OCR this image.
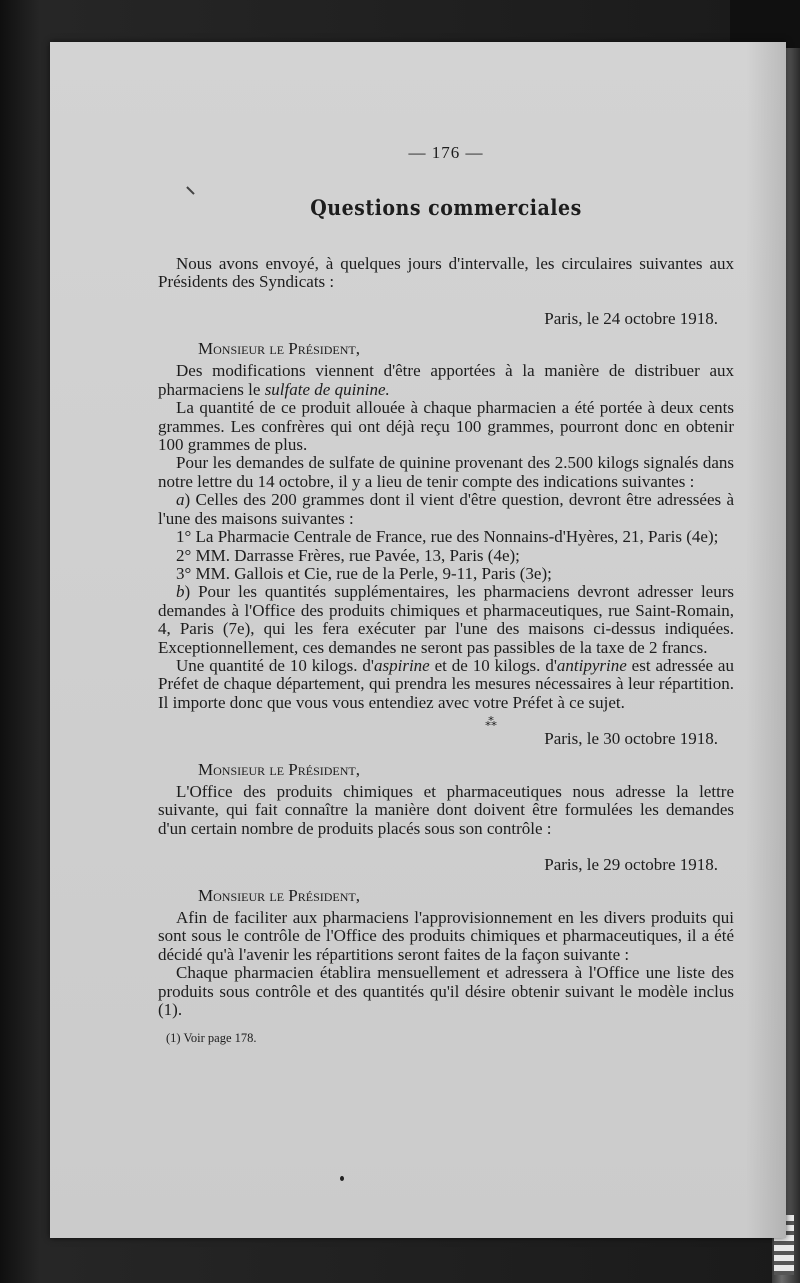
— 176 —
Questions commerciales

Nous avons envoyé, à quelques jours d'intervalle, les circulaires suivantes aux Présidents des Syndicats :

Paris, le 24 octobre 1918.
Monsieur le Président,

Des modifications viennent d'être apportées à la manière de distribuer aux pharmaciens le sulfate de quinine.

La quantité de ce produit allouée à chaque pharmacien a été portée à deux cents grammes. Les confrères qui ont déjà reçu 100 grammes, pourront donc en obtenir 100 grammes de plus.

Pour les demandes de sulfate de quinine provenant des 2.500 kilogs signalés dans notre lettre du 14 octobre, il y a lieu de tenir compte des indications suivantes :

a) Celles des 200 grammes dont il vient d'être question, devront être adressées à l'une des maisons suivantes :

1° La Pharmacie Centrale de France, rue des Nonnains-d'Hyères, 21, Paris (4e);

2° MM. Darrasse Frères, rue Pavée, 13, Paris (4e);

3° MM. Gallois et Cie, rue de la Perle, 9-11, Paris (3e);

b) Pour les quantités supplémentaires, les pharmaciens devront adresser leurs demandes à l'Office des produits chimiques et pharmaceutiques, rue Saint-Romain, 4, Paris (7e), qui les fera exécuter par l'une des maisons ci-dessus indiquées. Exceptionnellement, ces demandes ne seront pas passibles de la taxe de 2 francs.

Une quantité de 10 kilogs. d'aspirine et de 10 kilogs. d'antipyrine est adressée au Préfet de chaque département, qui prendra les mesures nécessaires à leur répartition. Il importe donc que vous vous entendiez avec votre Préfet à ce sujet.

⁂
Paris, le 30 octobre 1918.
Monsieur le Président,

L'Office des produits chimiques et pharmaceutiques nous adresse la lettre suivante, qui fait connaître la manière dont doivent être formulées les demandes d'un certain nombre de produits placés sous son contrôle :

Paris, le 29 octobre 1918.
Monsieur le Président,

Afin de faciliter aux pharmaciens l'approvisionnement en les divers produits qui sont sous le contrôle de l'Office des produits chimiques et pharmaceutiques, il a été décidé qu'à l'avenir les répartitions seront faites de la façon suivante :

Chaque pharmacien établira mensuellement et adressera à l'Office une liste des produits sous contrôle et des quantités qu'il désire obtenir suivant le modèle inclus (1).

(1) Voir page 178.
